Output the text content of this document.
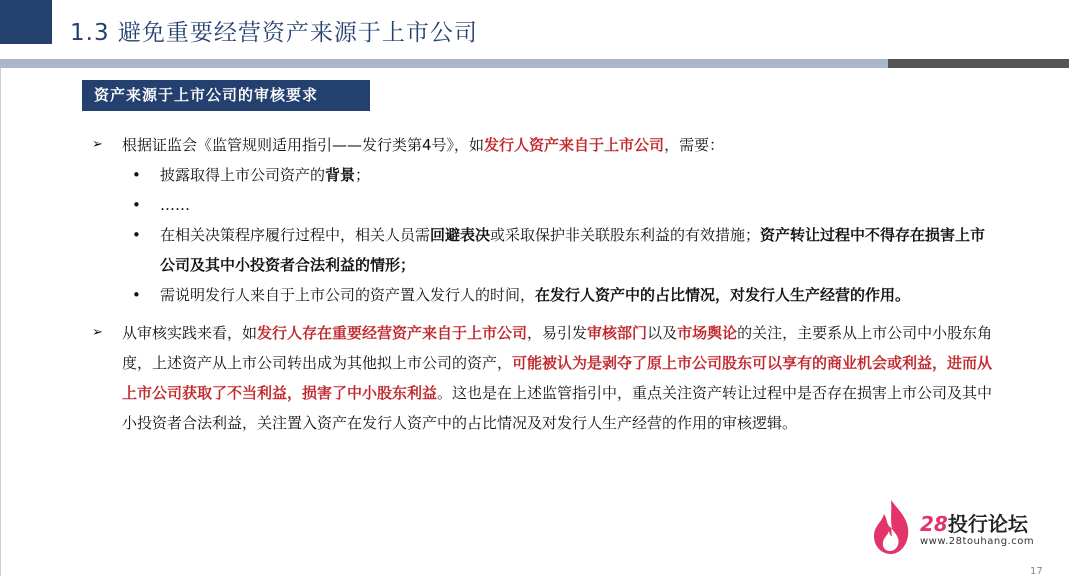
1.3 避免重要经营资产来源于上市公司
资产来源于上市公司的审核要求
➢	根据证监会《监管规则适用指引——发行类第4号》，如发行人资产来自于上市公司，需要：
• 披露取得上市公司资产的背景；
• ……
• 在相关决策程序履行过程中，相关人员需回避表决或采取保护非关联股东利益的有效措施；资产转让过程中不得存在损害上市公司及其中小投资者合法利益的情形；
• 需说明发行人来自于上市公司的资产置入发行人的时间，在发行人资产中的占比情况，对发行人生产经营的作用。
➢	从审核实践来看，如发行人存在重要经营资产来自于上市公司，易引发审核部门以及市场舆论的关注，主要系从上市公司中小股东角度，上述资产从上市公司转出成为其他拟上市公司的资产，可能被认为是剥夺了原上市公司股东可以享有的商业机会或利益，进而从上市公司获取了不当利益，损害了中小股东利益。这也是在上述监管指引中，重点关注资产转让过程中是否存在损害上市公司及其中小投资者合法利益，关注置入资产在发行人资产中的占比情况及对发行人生产经营的作用的审核逻辑。
28投行论坛
www.28touhang.com
17
